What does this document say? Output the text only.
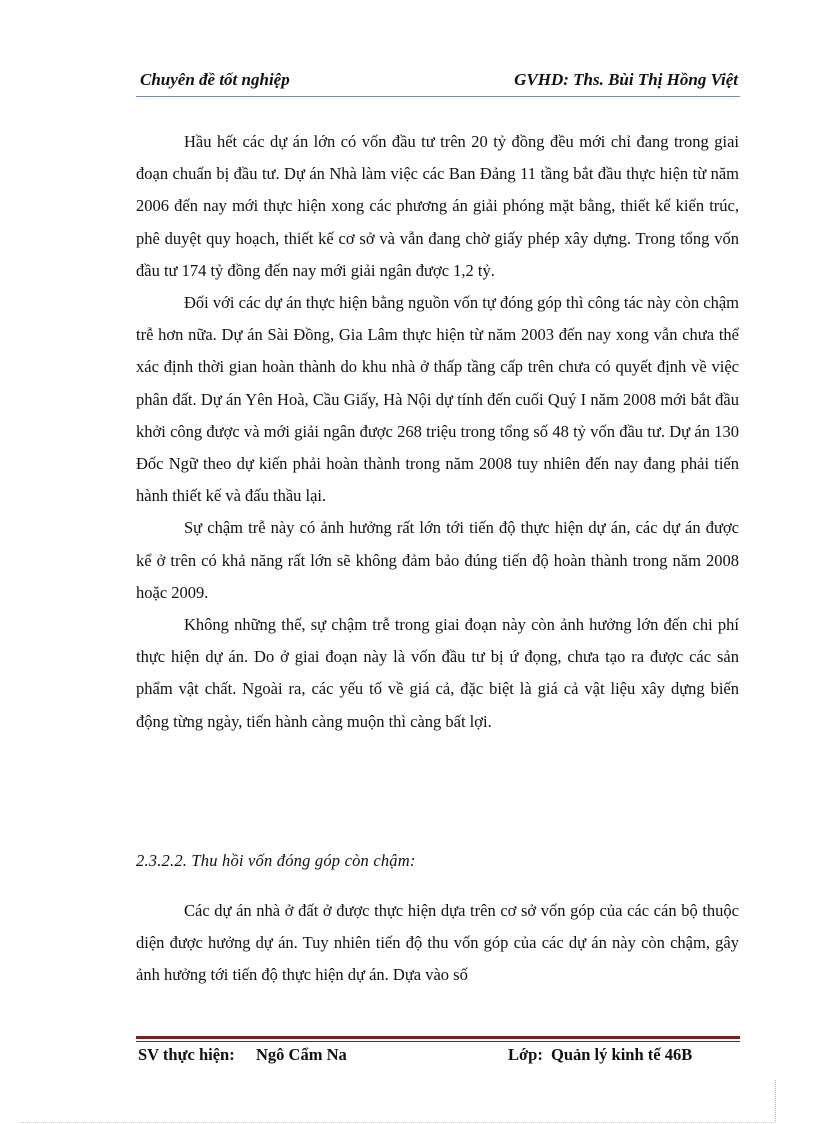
Chuyên đề tốt nghiệp	GVHD: Ths. Bùi Thị Hồng Việt

Hầu hết các dự án lớn có vốn đầu tư trên 20 tỷ đồng đều mới chỉ đang trong giai đoạn chuẩn bị đầu tư. Dự án Nhà làm việc các Ban Đảng 11 tầng bắt đầu thực hiện từ năm 2006 đến nay mới thực hiện xong các phương án giải phóng mặt bằng, thiết kế kiến trúc, phê duyệt quy hoạch, thiết kế cơ sở và vẫn đang chờ giấy phép xây dựng. Trong tổng vốn đầu tư 174 tỷ đồng đến nay mới giải ngân được 1,2 tỷ.

Đối với các dự án thực hiện bằng nguồn vốn tự đóng góp thì công tác này còn chậm trễ hơn nữa. Dự án Sài Đồng, Gia Lâm thực hiện từ năm 2003 đến nay xong vẫn chưa thể xác định thời gian hoàn thành do khu nhà ở thấp tầng cấp trên chưa có quyết định về việc phân đất. Dự án Yên Hoà, Cầu Giấy, Hà Nội dự tính đến cuối Quý I năm 2008 mới bắt đầu khởi công được và mới giải ngân được 268 triệu trong tổng số 48 tỷ vốn đầu tư. Dự án 130 Đốc Ngữ theo dự kiến phải hoàn thành trong năm 2008 tuy nhiên đến nay đang phải tiến hành thiết kế và đấu thầu lại.

Sự chậm trễ này có ảnh hưởng rất lớn tới tiến độ thực hiện dự án, các dự án được kể ở trên có khả năng rất lớn sẽ không đảm bảo đúng tiến độ hoàn thành trong năm 2008 hoặc 2009.

Không những thế, sự chậm trễ trong giai đoạn này còn ảnh hưởng lớn đến chi phí thực hiện dự án. Do ở giai đoạn này là vốn đầu tư bị ứ đọng, chưa tạo ra được các sản phẩm vật chất. Ngoài ra, các yếu tố về giá cả, đặc biệt là giá cả vật liệu xây dựng biến động từng ngày, tiến hành càng muộn thì càng bất lợi.

2.3.2.2. Thu hồi vốn đóng góp còn chậm:

Các dự án nhà ở đất ở được thực hiện dựa trên cơ sở vốn góp của các cán bộ thuộc diện được hưởng dự án. Tuy nhiên tiến độ thu vốn góp của các dự án này còn chậm, gây ảnh hưởng tới tiến độ thực hiện dự án. Dựa vào số

SV thực hiện: Ngô Cẩm Na	Lớp: Quản lý kinh tế 46B
